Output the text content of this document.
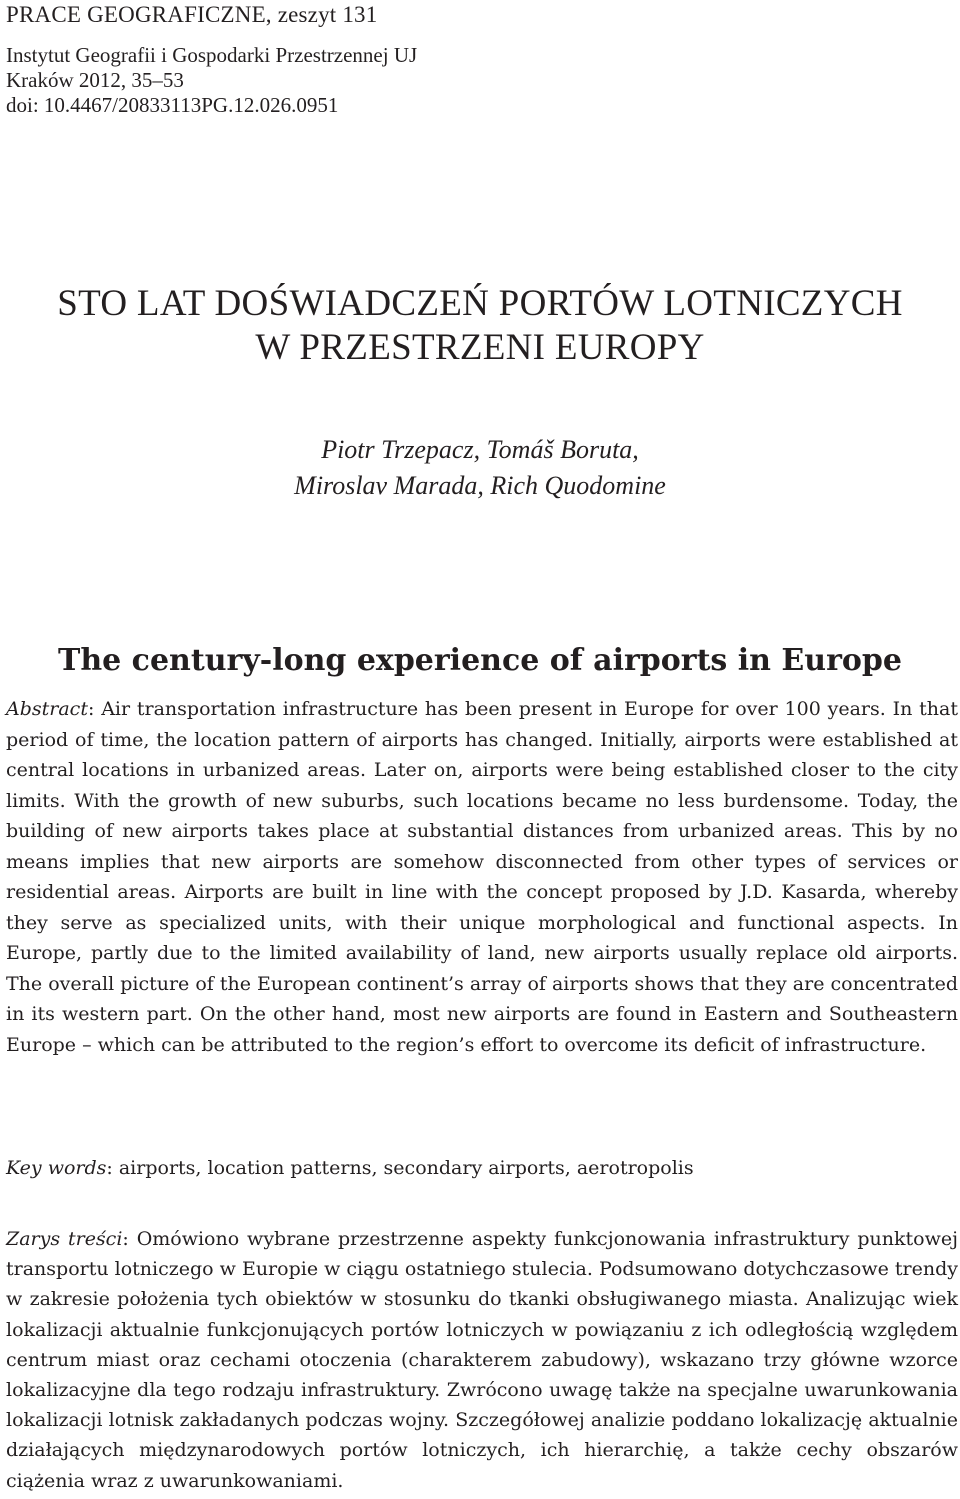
PRACE GEOGRAFICZNE, zeszyt 131

Instytut Geografii i Gospodarki Przestrzennej UJ

Kraków 2012, 35–53

doi: 10.4467/20833113PG.12.026.0951

STO LAT DOŚWIADCZEŃ PORTÓW LOTNICZYCH
W PRZESTRZENI EUROPY

Piotr Trzepacz, Tomáš Boruta,
Miroslav Marada, Rich Quodomine

The century-long experience of airports in Europe

Abstract: Air transportation infrastructure has been present in Europe for over 100 years. In that period of time, the location pattern of airports has changed. Initially, airports were established at central locations in urbanized areas. Later on, airports were being established closer to the city limits. With the growth of new suburbs, such locations became no less burdensome. Today, the building of new airports takes place at substantial distances from urbanized areas. This by no means implies that new airports are somehow disconnected from other types of services or residential areas. Airports are built in line with the concept proposed by J.D. Kasarda, whereby they serve as specialized units, with their unique morphological and functional aspects. In Europe, partly due to the limited availability of land, new airports usually replace old airports. The overall picture of the European continent’s array of airports shows that they are concentrated in its western part. On the other hand, most new airports are found in Eastern and Southeastern Europe – which can be attributed to the region’s effort to overcome its deficit of infrastructure.

Key words: airports, location patterns, secondary airports, aerotropolis

Zarys treści: Omówiono wybrane przestrzenne aspekty funkcjonowania infrastruktury punktowej transportu lotniczego w Europie w ciągu ostatniego stulecia. Podsumowano dotychczasowe trendy w zakresie położenia tych obiektów w stosunku do tkanki obsługiwanego miasta. Analizując wiek lokalizacji aktualnie funkcjonujących portów lotniczych w powiązaniu z ich odległością względem centrum miast oraz cechami otoczenia (charakterem zabudowy), wskazano trzy główne wzorce lokalizacyjne dla tego rodzaju infrastruktury. Zwrócono uwagę także na specjalne uwarunkowania lokalizacji lotnisk zakładanych podczas wojny. Szczegółowej analizie poddano lokalizację aktualnie działających międzynarodowych portów lotniczych, ich hierarchię, a także cechy obszarów ciążenia wraz z uwarunkowaniami.
